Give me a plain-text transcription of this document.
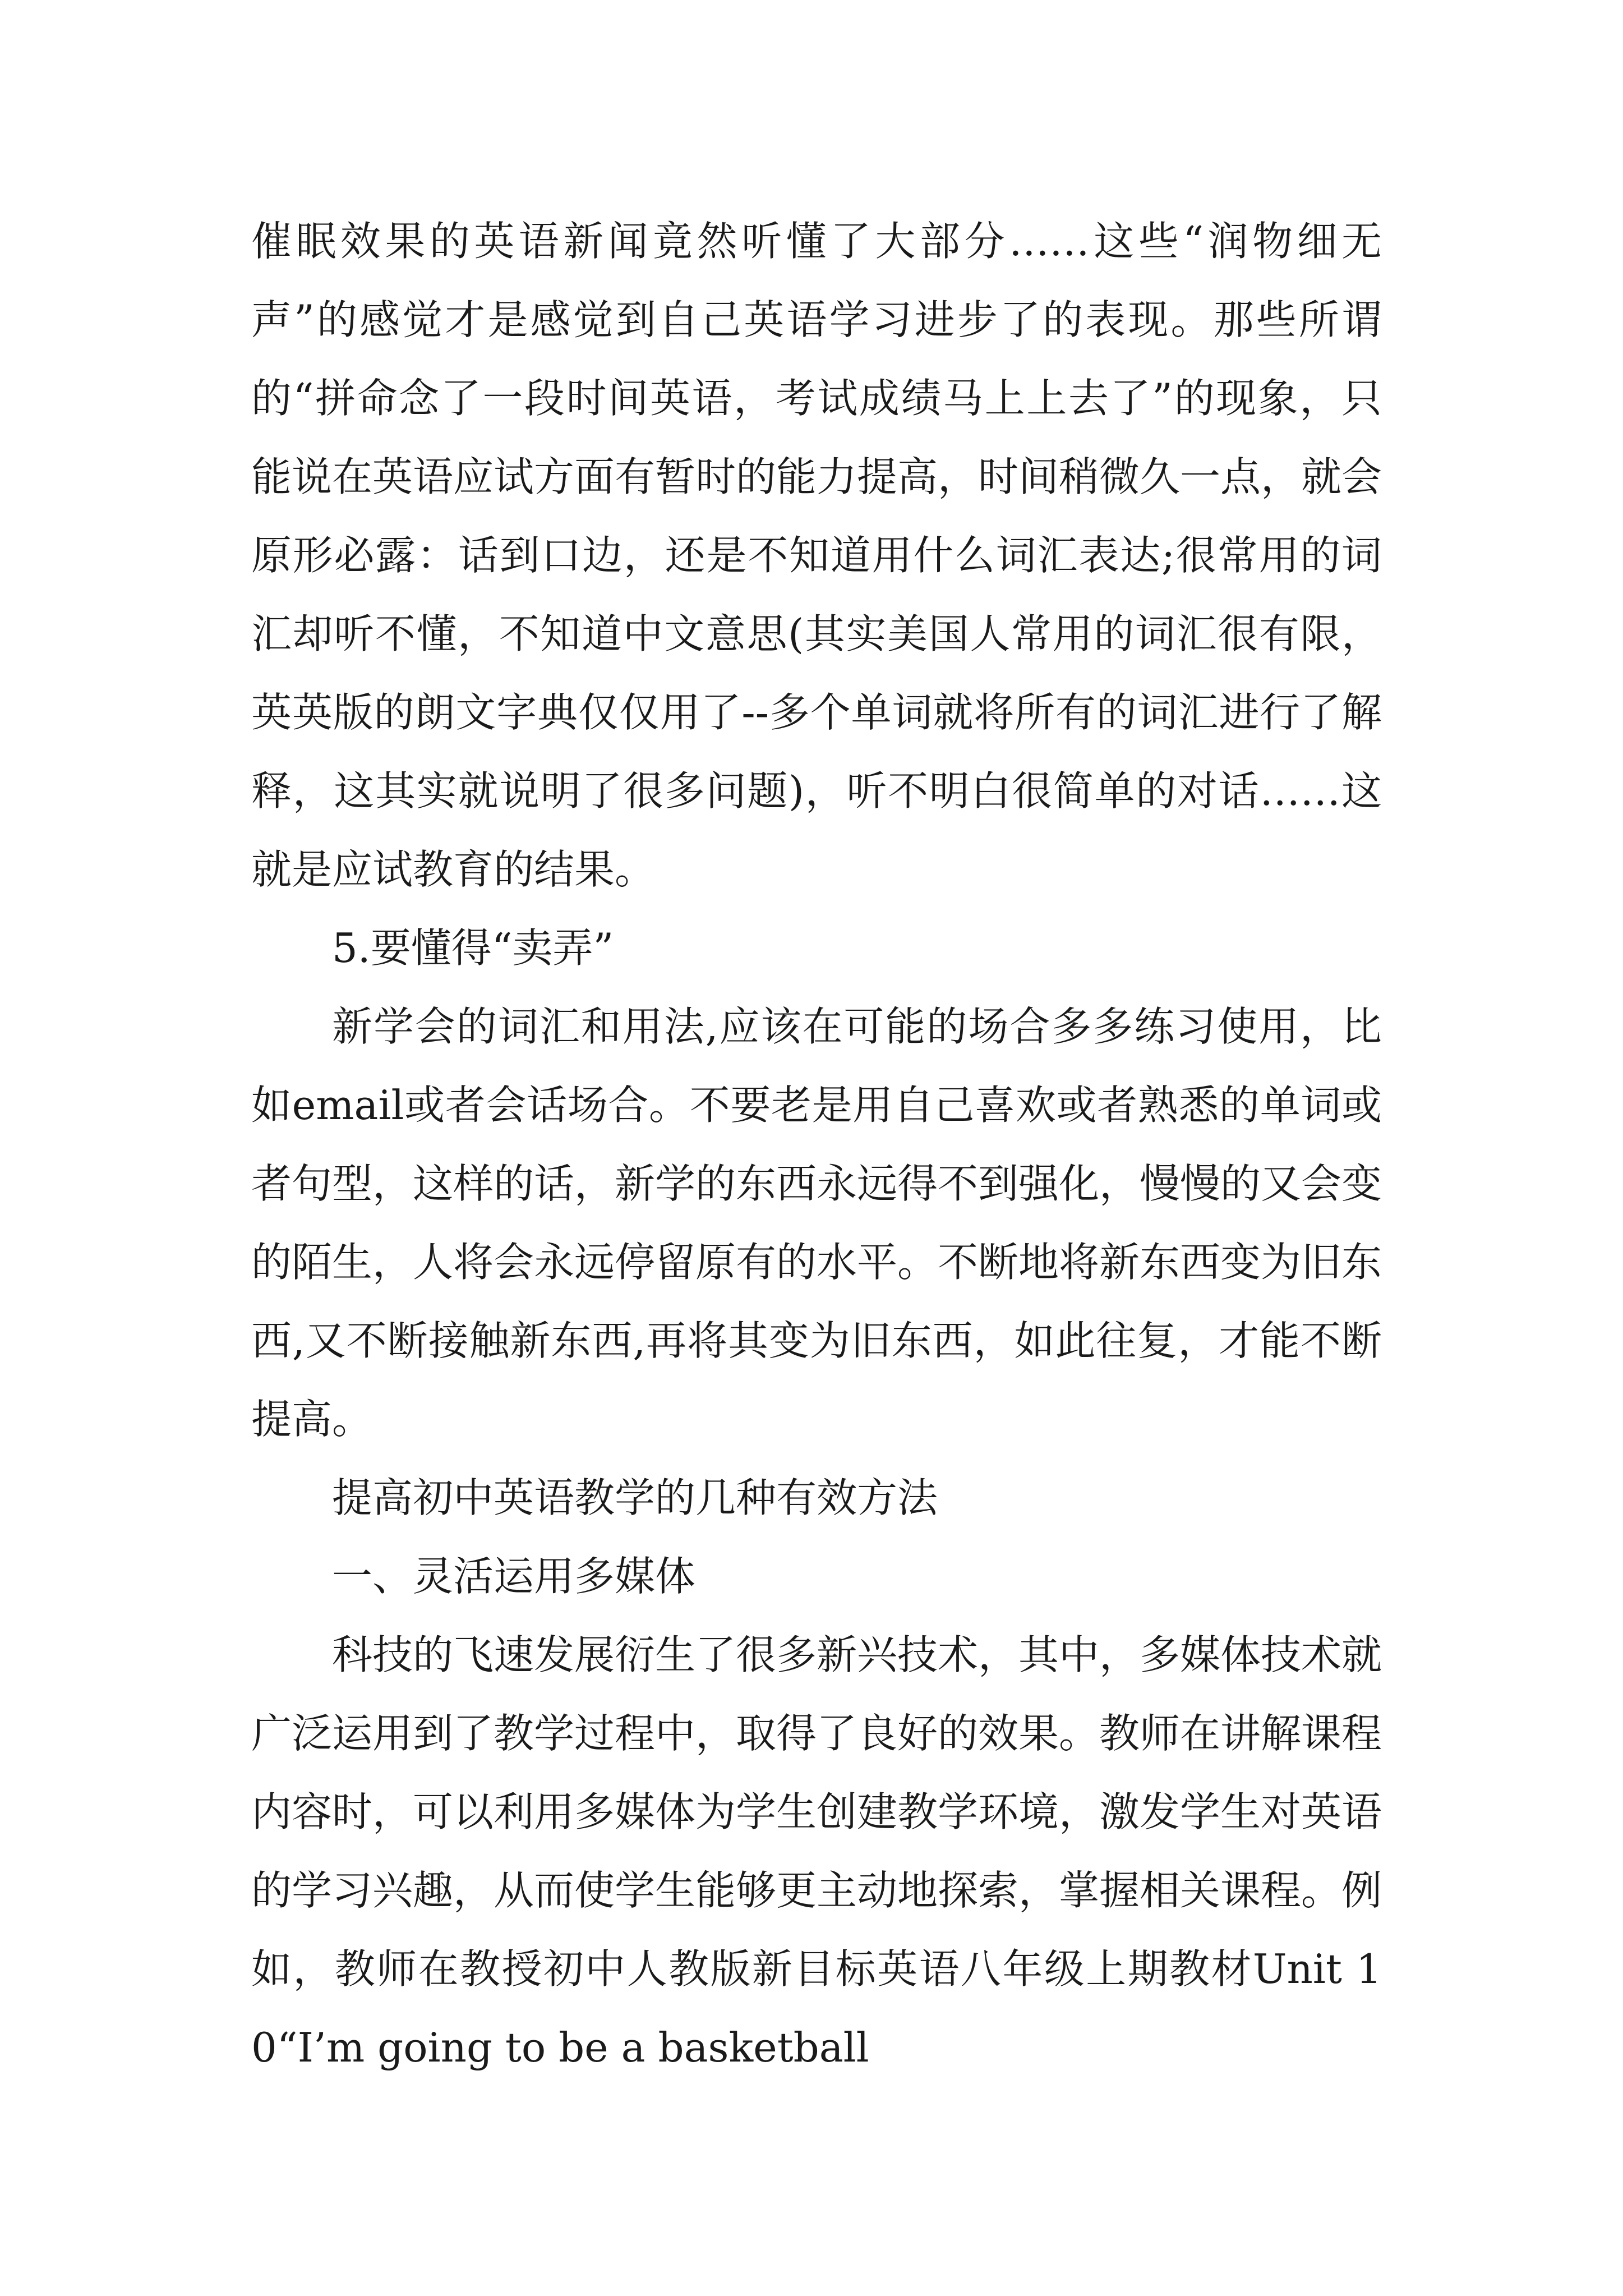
催眠效果的英语新闻竟然听懂了大部分……这些“润物细无声”的感觉才是感觉到自己英语学习进步了的表现。那些所谓的“拼命念了一段时间英语，考试成绩马上上去了”的现象，只能说在英语应试方面有暂时的能力提高，时间稍微久一点，就会原形必露：话到口边，还是不知道用什么词汇表达;很常用的词汇却听不懂，不知道中文意思(其实美国人常用的词汇很有限，英英版的朗文字典仅仅用了--多个单词就将所有的词汇进行了解释，这其实就说明了很多问题)，听不明白很简单的对话……这就是应试教育的结果。

5.要懂得“卖弄”

新学会的词汇和用法,应该在可能的场合多多练习使用，比如email或者会话场合。不要老是用自己喜欢或者熟悉的单词或者句型，这样的话，新学的东西永远得不到强化，慢慢的又会变的陌生，人将会永远停留原有的水平。不断地将新东西变为旧东西,又不断接触新东西,再将其变为旧东西，如此往复，才能不断提高。

提高初中英语教学的几种有效方法

一、灵活运用多媒体

科技的飞速发展衍生了很多新兴技术，其中，多媒体技术就广泛运用到了教学过程中，取得了良好的效果。教师在讲解课程内容时，可以利用多媒体为学生创建教学环境，激发学生对英语的学习兴趣，从而使学生能够更主动地探索，掌握相关课程。例如，教师在教授初中人教版新目标英语八年级上期教材Unit 10“I’m going to be a basketball
